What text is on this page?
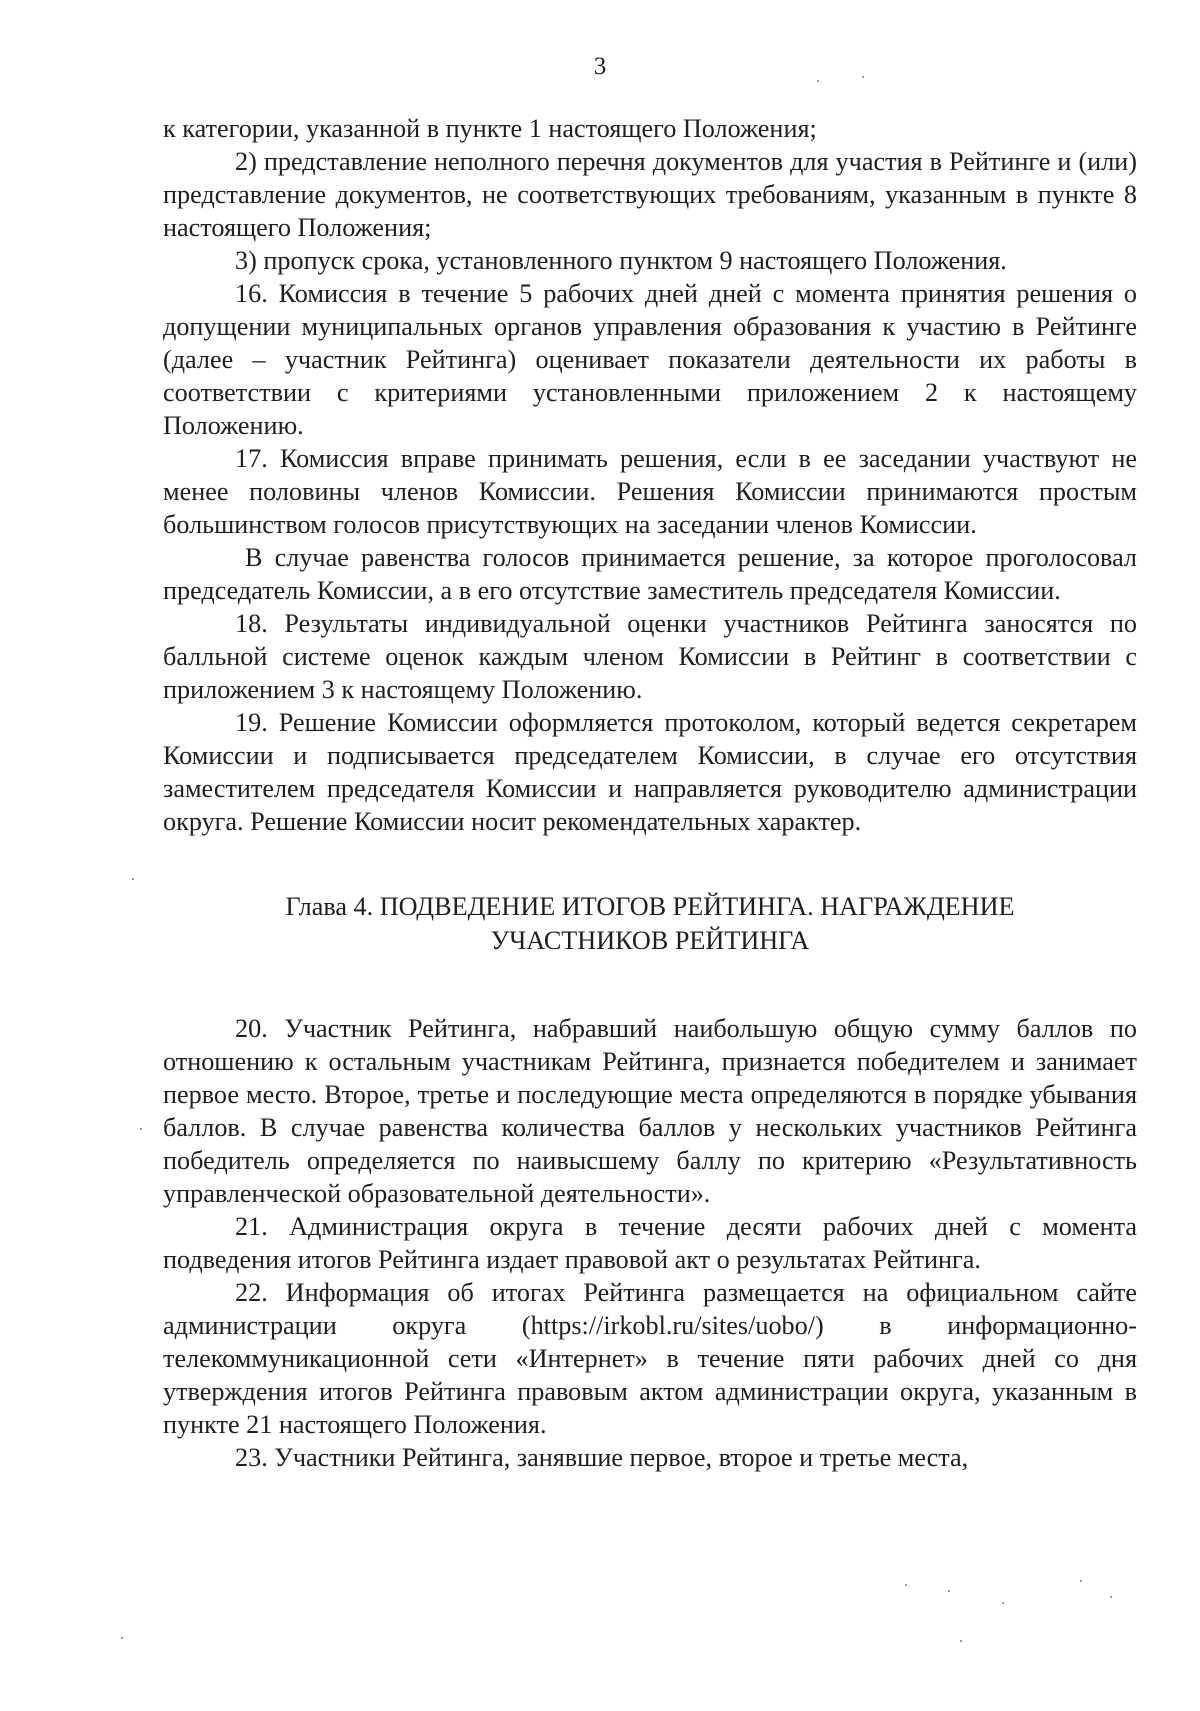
3

к категории, указанной в пункте 1 настоящего Положения;

2) представление неполного перечня документов для участия в Рейтинге и (или) представление документов, не соответствующих требованиям, указанным в пункте 8 настоящего Положения;

3) пропуск срока, установленного пунктом 9 настоящего Положения.

16. Комиссия в течение 5 рабочих дней дней с момента принятия решения о допущении муниципальных органов управления образования к участию в Рейтинге (далее – участник Рейтинга) оценивает показатели деятельности их работы в соответствии с критериями установленными приложением 2 к настоящему Положению.

17. Комиссия вправе принимать решения, если в ее заседании участвуют не менее половины членов Комиссии. Решения Комиссии принимаются простым большинством голосов присутствующих на заседании членов Комиссии.

В случае равенства голосов принимается решение, за которое проголосовал председатель Комиссии, а в его отсутствие заместитель председателя Комиссии.

18. Результаты индивидуальной оценки участников Рейтинга заносятся по балльной системе оценок каждым членом Комиссии в Рейтинг в соответствии с приложением 3 к настоящему Положению.

19. Решение Комиссии оформляется протоколом, который ведется секретарем Комиссии и подписывается председателем Комиссии, в случае его отсутствия заместителем председателя Комиссии и направляется руководителю администрации округа. Решение Комиссии носит рекомендательных характер.

Глава 4. ПОДВЕДЕНИЕ ИТОГОВ РЕЙТИНГА. НАГРАЖДЕНИЕ
УЧАСТНИКОВ РЕЙТИНГА

20. Участник Рейтинга, набравший наибольшую общую сумму баллов по отношению к остальным участникам Рейтинга, признается победителем и занимает первое место. Второе, третье и последующие места определяются в порядке убывания баллов. В случае равенства количества баллов у нескольких участников Рейтинга победитель определяется по наивысшему баллу по критерию «Результативность управленческой образовательной деятельности».

21. Администрация округа в течение десяти рабочих дней с момента подведения итогов Рейтинга издает правовой акт о результатах Рейтинга.

22. Информация об итогах Рейтинга размещается на официальном сайте администрации округа (https://irkobl.ru/sites/uobo/) в информационно-телекоммуникационной сети «Интернет» в течение пяти рабочих дней со дня утверждения итогов Рейтинга правовым актом администрации округа, указанным в пункте 21 настоящего Положения.

23. Участники Рейтинга, занявшие первое, второе и третье места,
